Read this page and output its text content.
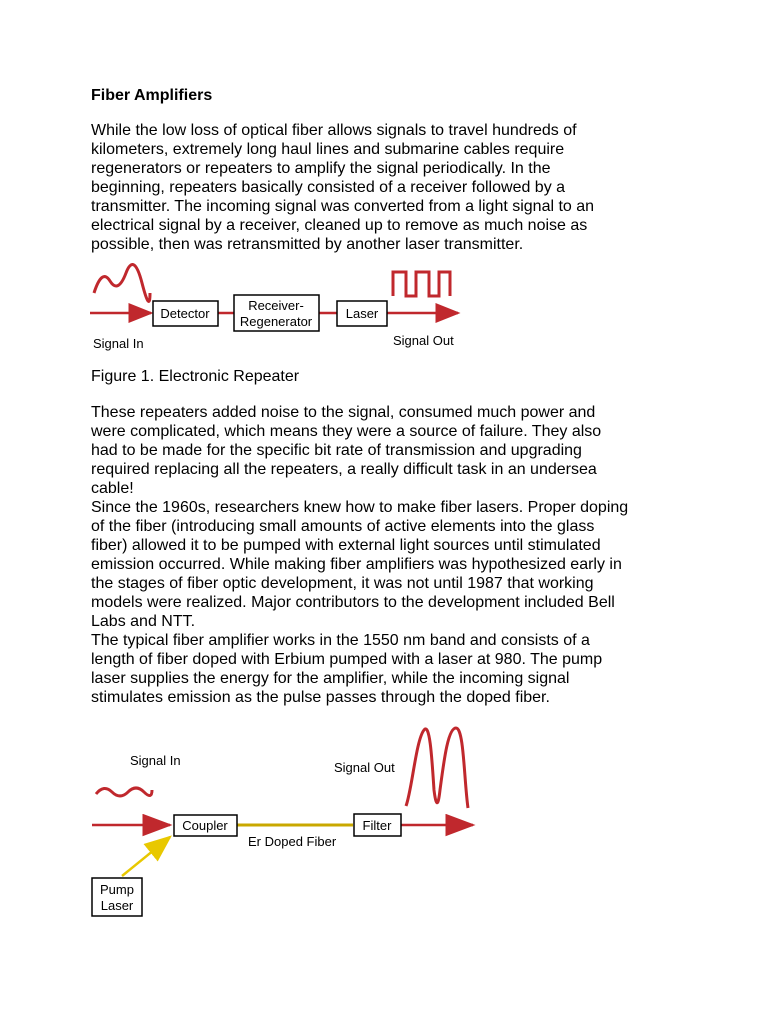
Fiber Amplifiers
While the low loss of optical fiber allows signals to travel hundreds of
kilometers, extremely long haul lines and submarine cables require
regenerators or repeaters to amplify the signal periodically. In the
beginning, repeaters basically consisted of a receiver followed by a
transmitter. The incoming signal was converted from a light signal to an
electrical signal by a receiver, cleaned up to remove as much noise as
possible, then was retransmitted by another laser transmitter.
Detector
Receiver-
Regenerator
Laser
Signal In	Signal Out

Figure 1. Electronic Repeater

These repeaters added noise to the signal, consumed much power and
were complicated, which means they were a source of failure. They also
had to be made for the specific bit rate of transmission and upgrading
required replacing all the repeaters, a really difficult task in an undersea
cable!
Since the 1960s, researchers knew how to make fiber lasers. Proper doping
of the fiber (introducing small amounts of active elements into the glass
fiber) allowed it to be pumped with external light sources until stimulated
emission occurred. While making fiber amplifiers was hypothesized early in
the stages of fiber optic development, it was not until 1987 that working
models were realized. Major contributors to the development included Bell
Labs and NTT.
The typical fiber amplifier works in the 1550 nm band and consists of a
length of fiber doped with Erbium pumped with a laser at 980. The pump
laser supplies the energy for the amplifier, while the incoming signal
stimulates emission as the pulse passes through the doped fiber.
Coupler	Filter
Pump
Laser
Signal In	Signal Out
Er Doped Fiber
